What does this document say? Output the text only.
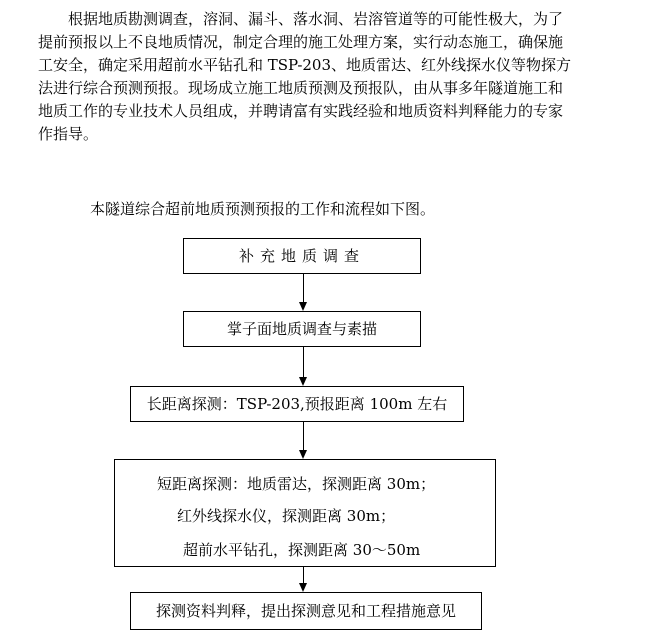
根据地质勘测调查，溶洞、漏斗、落水洞、岩溶管道等的可能性极大，为了
提前预报以上不良地质情况，制定合理的施工处理方案，实行动态施工，确保施
工安全，确定采用超前水平钻孔和 TSP-203、地质雷达、红外线探水仪等物探方
法进行综合预测预报。现场成立施工地质预测及预报队，由从事多年隧道施工和
地质工作的专业技术人员组成，并聘请富有实践经验和地质资料判释能力的专家
作指导。
本隧道综合超前地质预测预报的工作和流程如下图。
补充地质调查
掌子面地质调查与素描
长距离探测：TSP-203,预报距离 100m 左右
短距离探测：地质雷达，探测距离 30m；
红外线探水仪，探测距离 30m；
超前水平钻孔，探测距离 30～50m
探测资料判释，提出探测意见和工程措施意见
